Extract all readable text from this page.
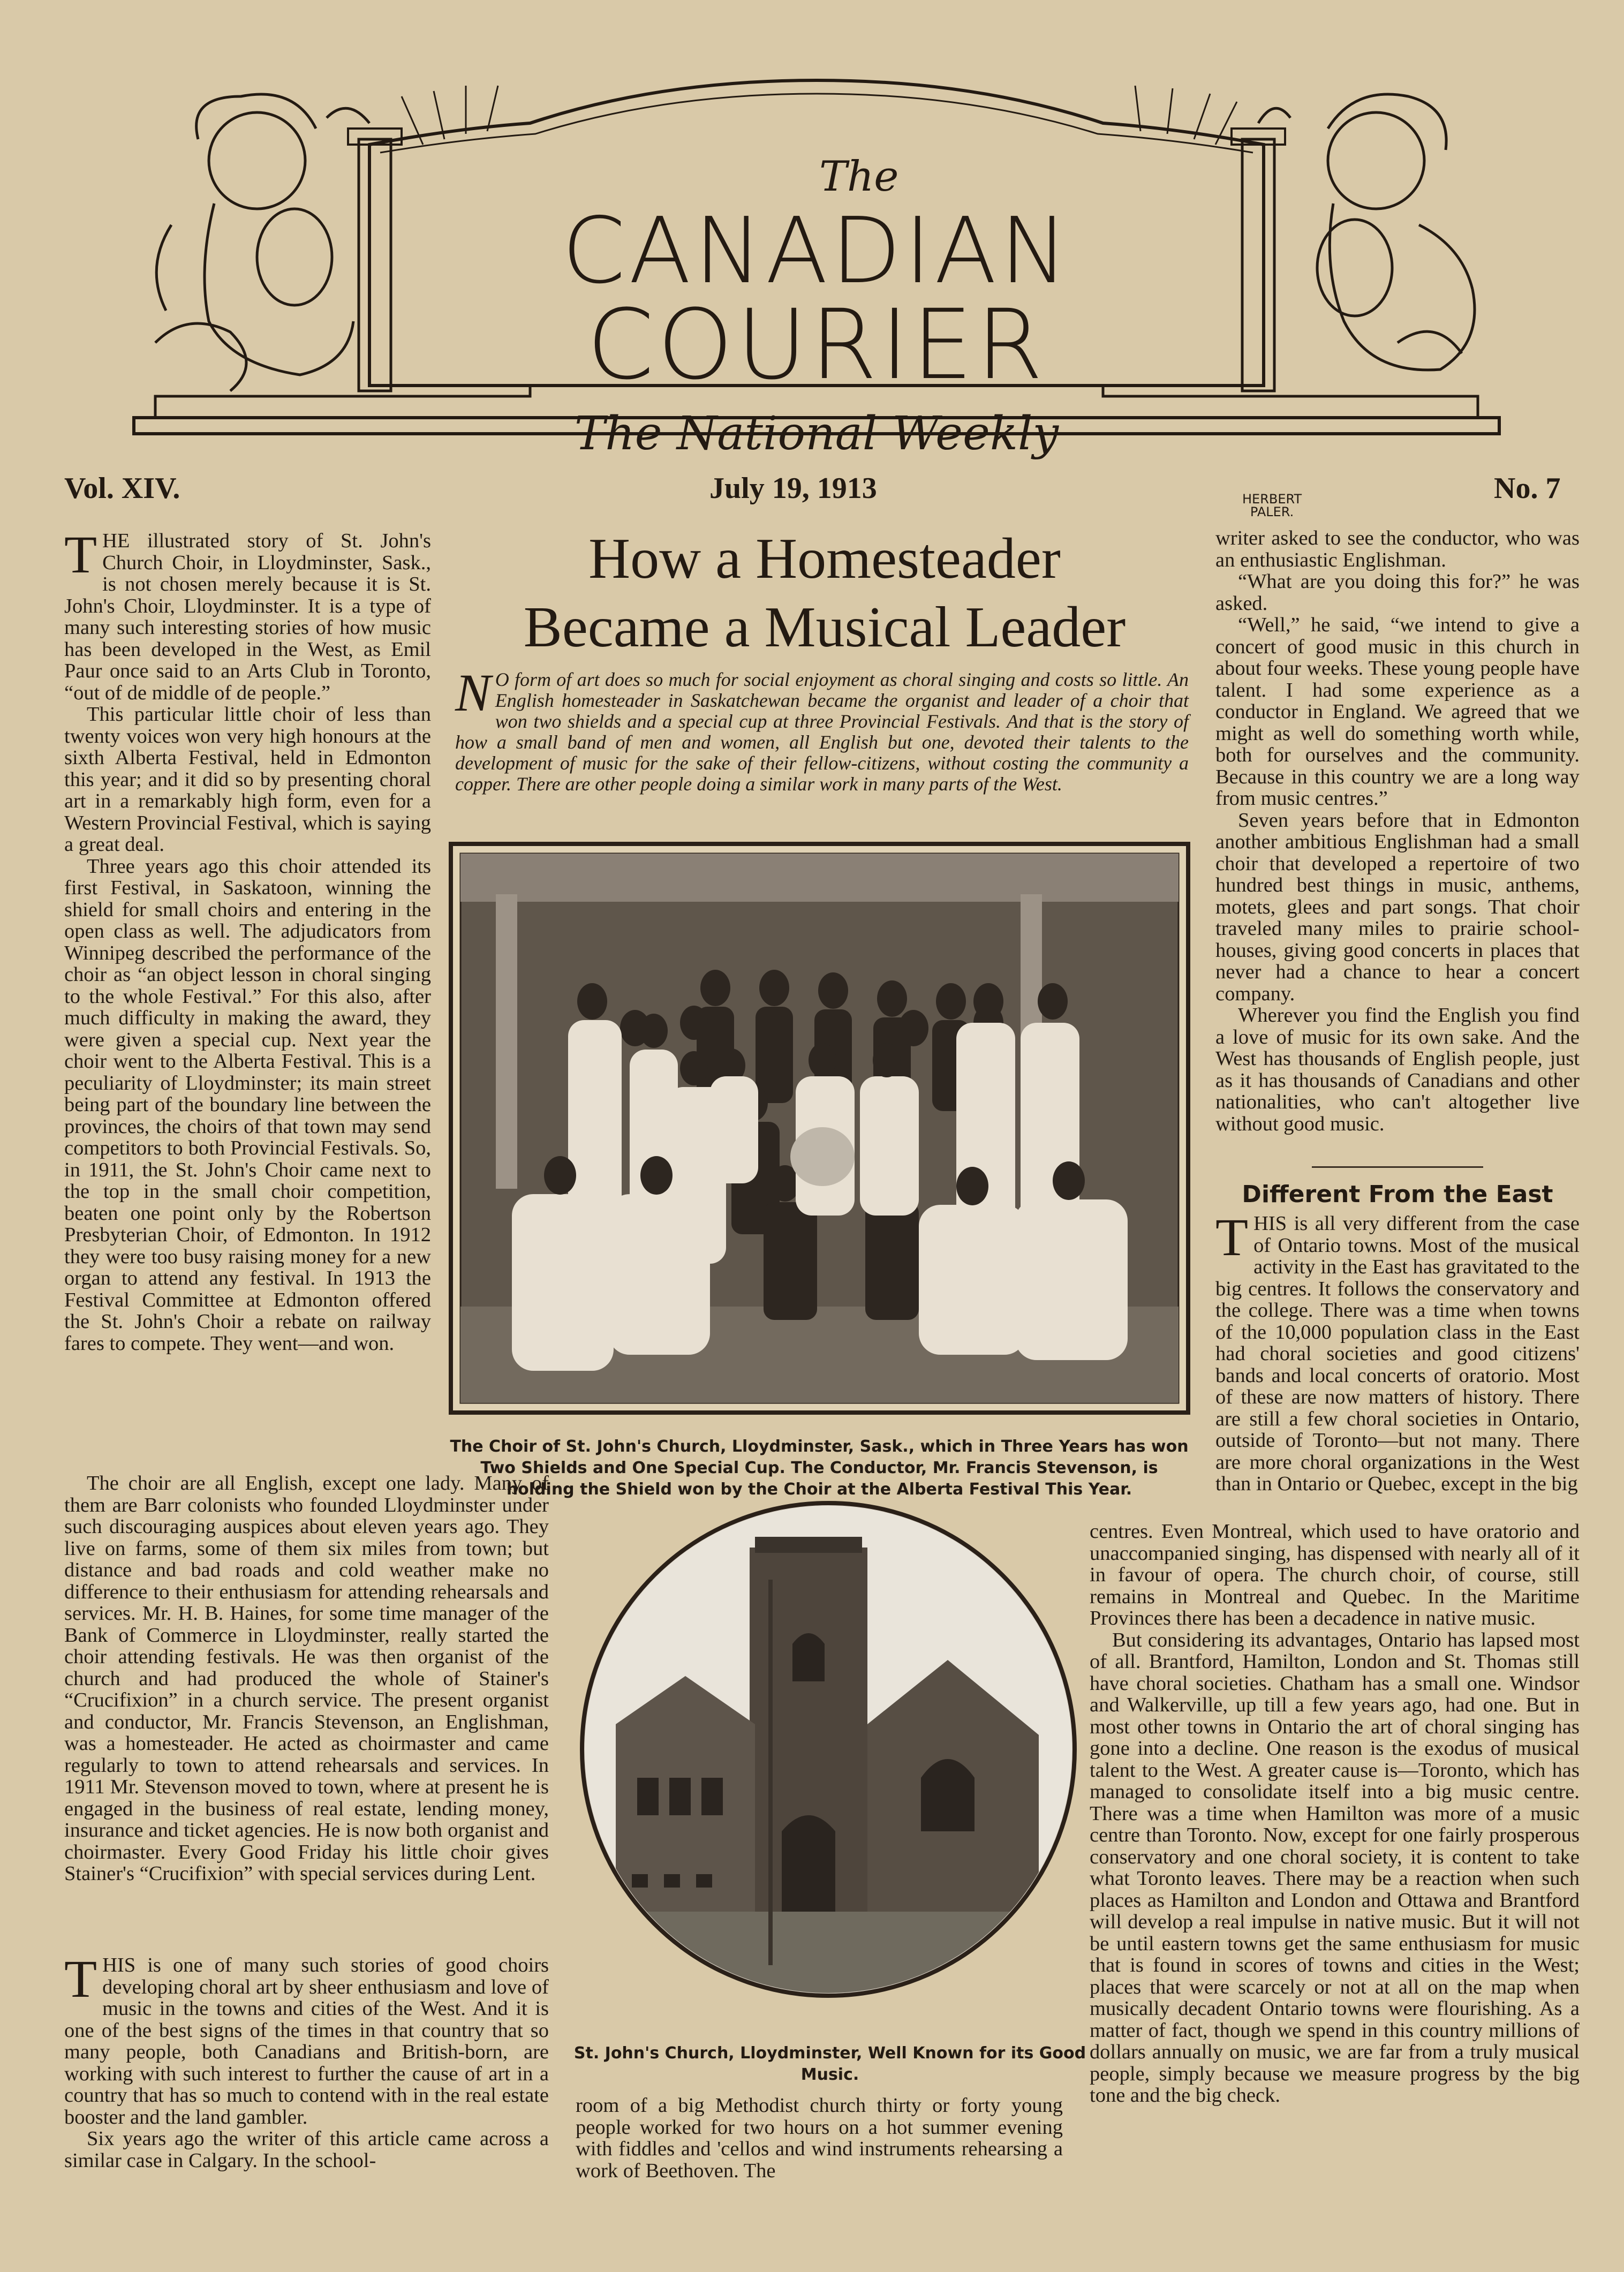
The
CANADIAN
COURIER
The National Weekly
HERBERT
PALER.
Vol. XIV.	July 19, 1913	No. 7

THE illustrated story of St. John's Church Choir, in Lloydminster, Sask., is not chosen merely because it is St. John's Choir, Lloydminster. It is a type of many such interesting stories of how music has been developed in the West, as Emil Paur once said to an Arts Club in Toronto, “out of de middle of de people.”

This particular little choir of less than twenty voices won very high honours at the sixth Alberta Festival, held in Edmonton this year; and it did so by presenting choral art in a remarkably high form, even for a Western Provincial Festival, which is saying a great deal.

Three years ago this choir attended its first Festival, in Saskatoon, winning the shield for small choirs and entering in the open class as well. The adjudicators from Winnipeg described the performance of the choir as “an object lesson in choral singing to the whole Festival.” For this also, after much difficulty in making the award, they were given a special cup. Next year the choir went to the Alberta Festival. This is a peculiarity of Lloydminster; its main street being part of the boundary line between the provinces, the choirs of that town may send competitors to both Provincial Festivals. So, in 1911, the St. John's Choir came next to the top in the small choir competition, beaten one point only by the Robertson Presbyterian Choir, of Edmonton. In 1912 they were too busy raising money for a new organ to attend any festival. In 1913 the Festival Committee at Edmonton offered the St. John's Choir a rebate on railway fares to compete. They went—and won.

The choir are all English, except one lady. Many of them are Barr colonists who founded Lloydminster under such discouraging auspices about eleven years ago. They live on farms, some of them six miles from town; but distance and bad roads and cold weather make no difference to their enthusiasm for attending rehearsals and services. Mr. H. B. Haines, for some time manager of the Bank of Commerce in Lloydminster, really started the choir attending festivals. He was then organist of the church and had produced the whole of Stainer's “Crucifixion” in a church service. The present organist and conductor, Mr. Francis Stevenson, an Englishman, was a homesteader. He acted as choirmaster and came regularly to town to attend rehearsals and services. In 1911 Mr. Stevenson moved to town, where at present he is engaged in the business of real estate, lending money, insurance and ticket agencies. He is now both organist and choirmaster. Every Good Friday his little choir gives Stainer's “Crucifixion” with special services during Lent.

THIS is one of many such stories of good choirs developing choral art by sheer enthusiasm and love of music in the towns and cities of the West. And it is one of the best signs of the times in that country that so many people, both Canadians and British-born, are working with such interest to further the cause of art in a country that has so much to contend with in the real estate booster and the land gambler.

Six years ago the writer of this article came across a similar case in Calgary. In the school-

How a Homesteader
Became a Musical Leader
N O form of art does so much for social enjoyment as choral singing and costs so little. An English homesteader in Saskatchewan became the organist and leader of a choir that won two shields and a special cup at three Provincial Festivals. And that is the story of how a small band of men and women, all English but one, devoted their talents to the development of music for the sake of their fellow-citizens, without costing the community a copper. There are other people doing a similar work in many parts of the West.
The Choir of St. John's Church, Lloydminster, Sask., which in Three Years has won Two Shields and One Special Cup. The Conductor, Mr. Francis Stevenson, is holding the Shield won by the Choir at the Alberta Festival This Year.
St. John's Church, Lloydminster, Well Known for its Good Music.

room of a big Methodist church thirty or forty young people worked for two hours on a hot summer evening with fiddles and 'cellos and wind instruments rehearsing a work of Beethoven. The

writer asked to see the conductor, who was an enthusiastic Englishman.

“What are you doing this for?” he was asked.

“Well,” he said, “we intend to give a concert of good music in this church in about four weeks. These young people have talent. I had some experience as a conductor in England. We agreed that we might as well do something worth while, both for ourselves and the community. Because in this country we are a long way from music centres.”

Seven years before that in Edmonton another ambitious Englishman had a small choir that developed a repertoire of two hundred best things in music, anthems, motets, glees and part songs. That choir traveled many miles to prairie school-houses, giving good concerts in places that never had a chance to hear a concert company.

Wherever you find the English you find a love of music for its own sake. And the West has thousands of English people, just as it has thousands of Canadians and other nationalities, who can't altogether live without good music.

Different From the East

THIS is all very different from the case of Ontario towns. Most of the musical activity in the East has gravitated to the big centres. It follows the conservatory and the college. There was a time when towns of the 10,000 population class in the East had choral societies and good citizens' bands and local concerts of oratorio. Most of these are now matters of history. There are still a few choral societies in Ontario, outside of Toronto—but not many. There are more choral organizations in the West than in Ontario or Quebec, except in the big

centres. Even Montreal, which used to have oratorio and unaccompanied singing, has dispensed with nearly all of it in favour of opera. The church choir, of course, still remains in Montreal and Quebec. In the Maritime Provinces there has been a decadence in native music.

But considering its advantages, Ontario has lapsed most of all. Brantford, Hamilton, London and St. Thomas still have choral societies. Chatham has a small one. Windsor and Walkerville, up till a few years ago, had one. But in most other towns in Ontario the art of choral singing has gone into a decline. One reason is the exodus of musical talent to the West. A greater cause is—Toronto, which has managed to consolidate itself into a big music centre. There was a time when Hamilton was more of a music centre than Toronto. Now, except for one fairly prosperous conservatory and one choral society, it is content to take what Toronto leaves. There may be a reaction when such places as Hamilton and London and Ottawa and Brantford will develop a real impulse in native music. But it will not be until eastern towns get the same enthusiasm for music that is found in scores of towns and cities in the West; places that were scarcely or not at all on the map when musically decadent Ontario towns were flourishing. As a matter of fact, though we spend in this country millions of dollars annually on music, we are far from a truly musical people, simply because we measure progress by the big tone and the big check.
